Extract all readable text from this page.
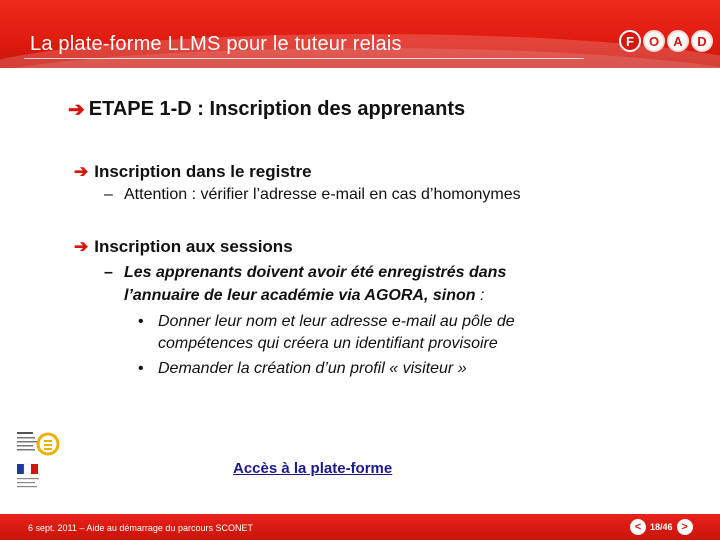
La plate-forme LLMS pour le tuteur relais	F	O	A	D
➔ ETAPE 1-D : Inscription des apprenants
➔ Inscription dans le registre
– Attention : vérifier l’adresse e-mail en cas d’homonymes
➔ Inscription aux sessions
– Les apprenants doivent avoir été enregistrés dans
l’annuaire de leur académie via AGORA, sinon :
• Donner leur nom et leur adresse e-mail au pôle de
compétences qui créera un identifiant provisoire
• Demander la création d’un profil « visiteur »
Accès à la plate-forme
6 sept. 2011 – Aide au démarrage du parcours SCONET	< 18/46 >
